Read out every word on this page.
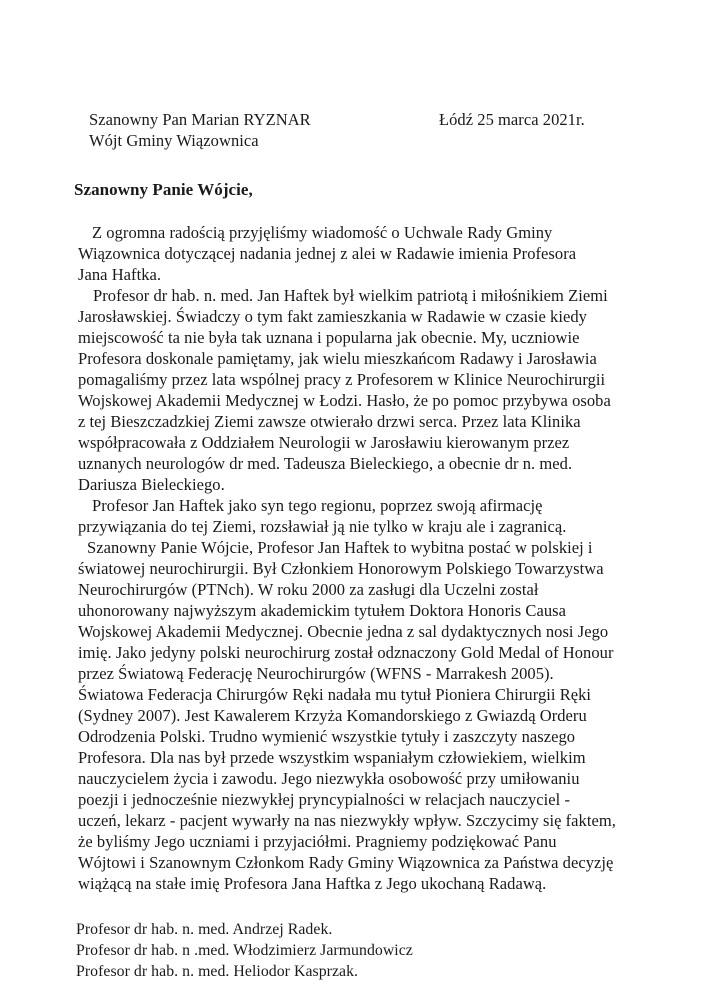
Szanowny Pan Marian RYZNAR
Wójt Gminy Wiązownica
Łódź 25 marca 2021r.
Szanowny Panie Wójcie,
Z ogromna radością przyjęliśmy wiadomość o Uchwale Rady Gminy
Wiązownica dotyczącej nadania jednej z alei w Radawie imienia Profesora
Jana Haftka.
Profesor dr hab. n. med. Jan Haftek był wielkim patriotą i miłośnikiem Ziemi
Jarosławskiej. Świadczy o tym fakt zamieszkania w Radawie w czasie kiedy
miejscowość ta nie była tak uznana i popularna jak obecnie. My, uczniowie
Profesora doskonale pamiętamy, jak wielu mieszkańcom Radawy i Jarosławia
pomagaliśmy przez lata wspólnej pracy z Profesorem w Klinice Neurochirurgii
Wojskowej Akademii Medycznej w Łodzi. Hasło, że po pomoc przybywa osoba
z tej Bieszczadzkiej Ziemi zawsze otwierało drzwi serca. Przez lata Klinika
współpracowała z Oddziałem Neurologii w Jarosławiu kierowanym przez
uznanych neurologów dr med. Tadeusza Bieleckiego, a obecnie dr n. med.
Dariusza Bieleckiego.
Profesor Jan Haftek jako syn tego regionu, poprzez swoją afirmację
przywiązania do tej Ziemi, rozsławiał ją nie tylko w kraju ale i zagranicą.
Szanowny Panie Wójcie, Profesor Jan Haftek to wybitna postać w polskiej i
światowej neurochirurgii. Był Członkiem Honorowym Polskiego Towarzystwa
Neurochirurgów (PTNch). W roku 2000 za zasługi dla Uczelni został
uhonorowany najwyższym akademickim tytułem Doktora Honoris Causa
Wojskowej Akademii Medycznej. Obecnie jedna z sal dydaktycznych nosi Jego
imię. Jako jedyny polski neurochirurg został odznaczony Gold Medal of Honour
przez Światową Federację Neurochirurgów (WFNS - Marrakesh 2005).
Światowa Federacja Chirurgów Ręki nadała mu tytuł Pioniera Chirurgii Ręki
(Sydney 2007). Jest Kawalerem Krzyża Komandorskiego z Gwiazdą Orderu
Odrodzenia Polski. Trudno wymienić wszystkie tytuły i zaszczyty naszego
Profesora. Dla nas był przede wszystkim wspaniałym człowiekiem, wielkim
nauczycielem życia i zawodu. Jego niezwykła osobowość przy umiłowaniu
poezji i jednocześnie niezwykłej pryncypialności w relacjach nauczyciel -
uczeń, lekarz - pacjent wywarły na nas niezwykły wpływ. Szczycimy się faktem,
że byliśmy Jego uczniami i przyjaciółmi. Pragniemy podziękować Panu
Wójtowi i Szanownym Członkom Rady Gminy Wiązownica za Państwa decyzję
wiążącą na stałe imię Profesora Jana Haftka z Jego ukochaną Radawą.
Profesor dr hab. n. med. Andrzej Radek.
Profesor dr hab. n .med. Włodzimierz Jarmundowicz
Profesor dr hab. n. med. Heliodor Kasprzak.
